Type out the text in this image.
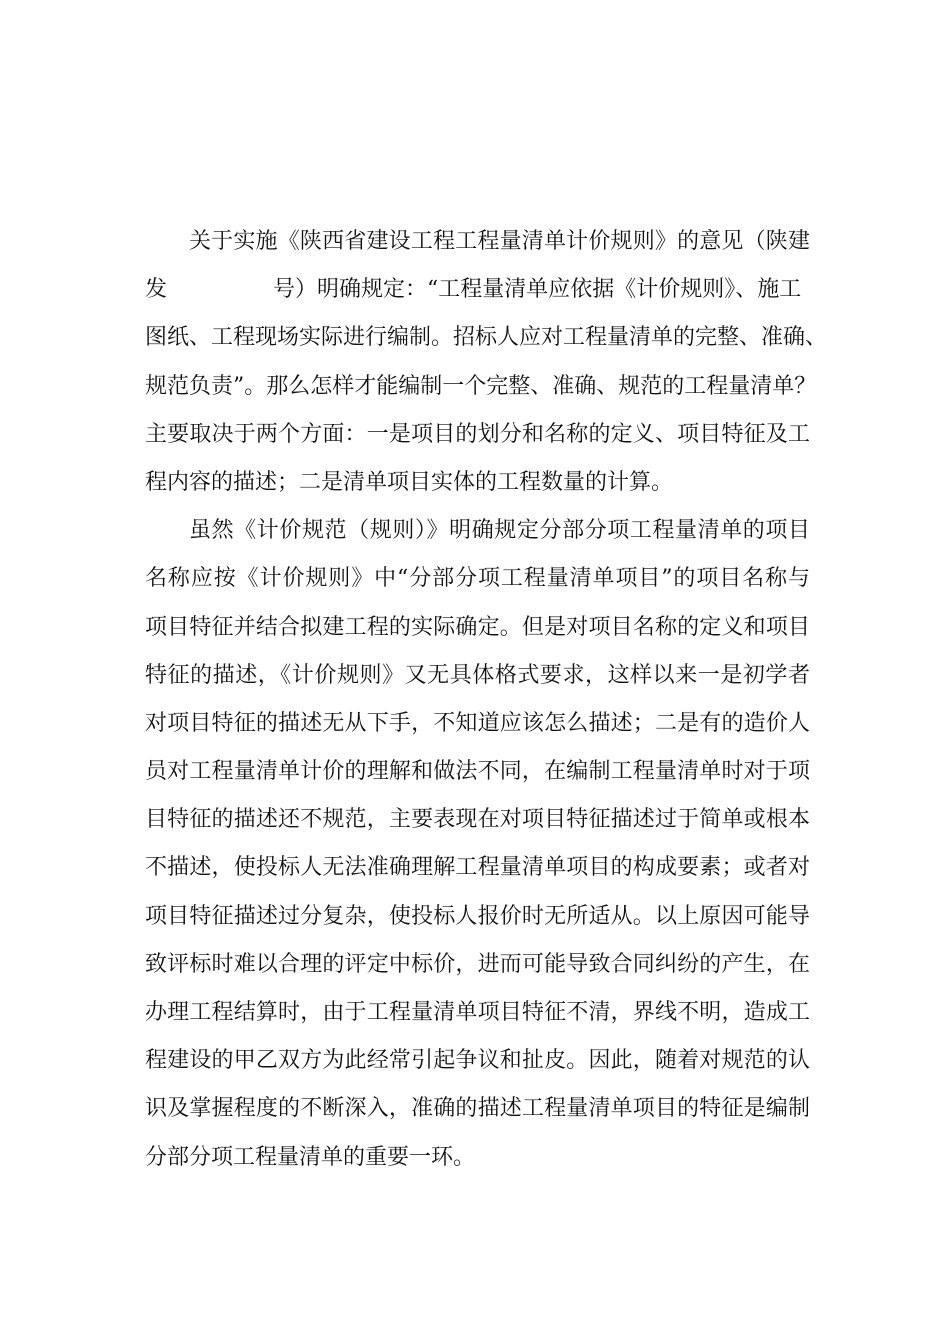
关于实施《陕西省建设工程工程量清单计价规则》的意见（陕建
发	号）明确规定：“工程量清单应依据《计价规则》、施工
图纸、工程现场实际进行编制。招标人应对工程量清单的完整、准确、
规范负责”。那么怎样才能编制一个完整、准确、规范的工程量清单？
主要取决于两个方面：一是项目的划分和名称的定义、项目特征及工
程内容的描述；二是清单项目实体的工程数量的计算。
虽然《计价规范（规则）》明确规定分部分项工程量清单的项目
名称应按《计价规则》中“分部分项工程量清单项目”的项目名称与
项目特征并结合拟建工程的实际确定。但是对项目名称的定义和项目
特征的描述，《计价规则》又无具体格式要求，这样以来一是初学者
对项目特征的描述无从下手，不知道应该怎么描述；二是有的造价人
员对工程量清单计价的理解和做法不同，在编制工程量清单时对于项
目特征的描述还不规范，主要表现在对项目特征描述过于简单或根本
不描述，使投标人无法准确理解工程量清单项目的构成要素；或者对
项目特征描述过分复杂，使投标人报价时无所适从。以上原因可能导
致评标时难以合理的评定中标价，进而可能导致合同纠纷的产生，在
办理工程结算时，由于工程量清单项目特征不清，界线不明，造成工
程建设的甲乙双方为此经常引起争议和扯皮。因此，随着对规范的认
识及掌握程度的不断深入，准确的描述工程量清单项目的特征是编制
分部分项工程量清单的重要一环。
